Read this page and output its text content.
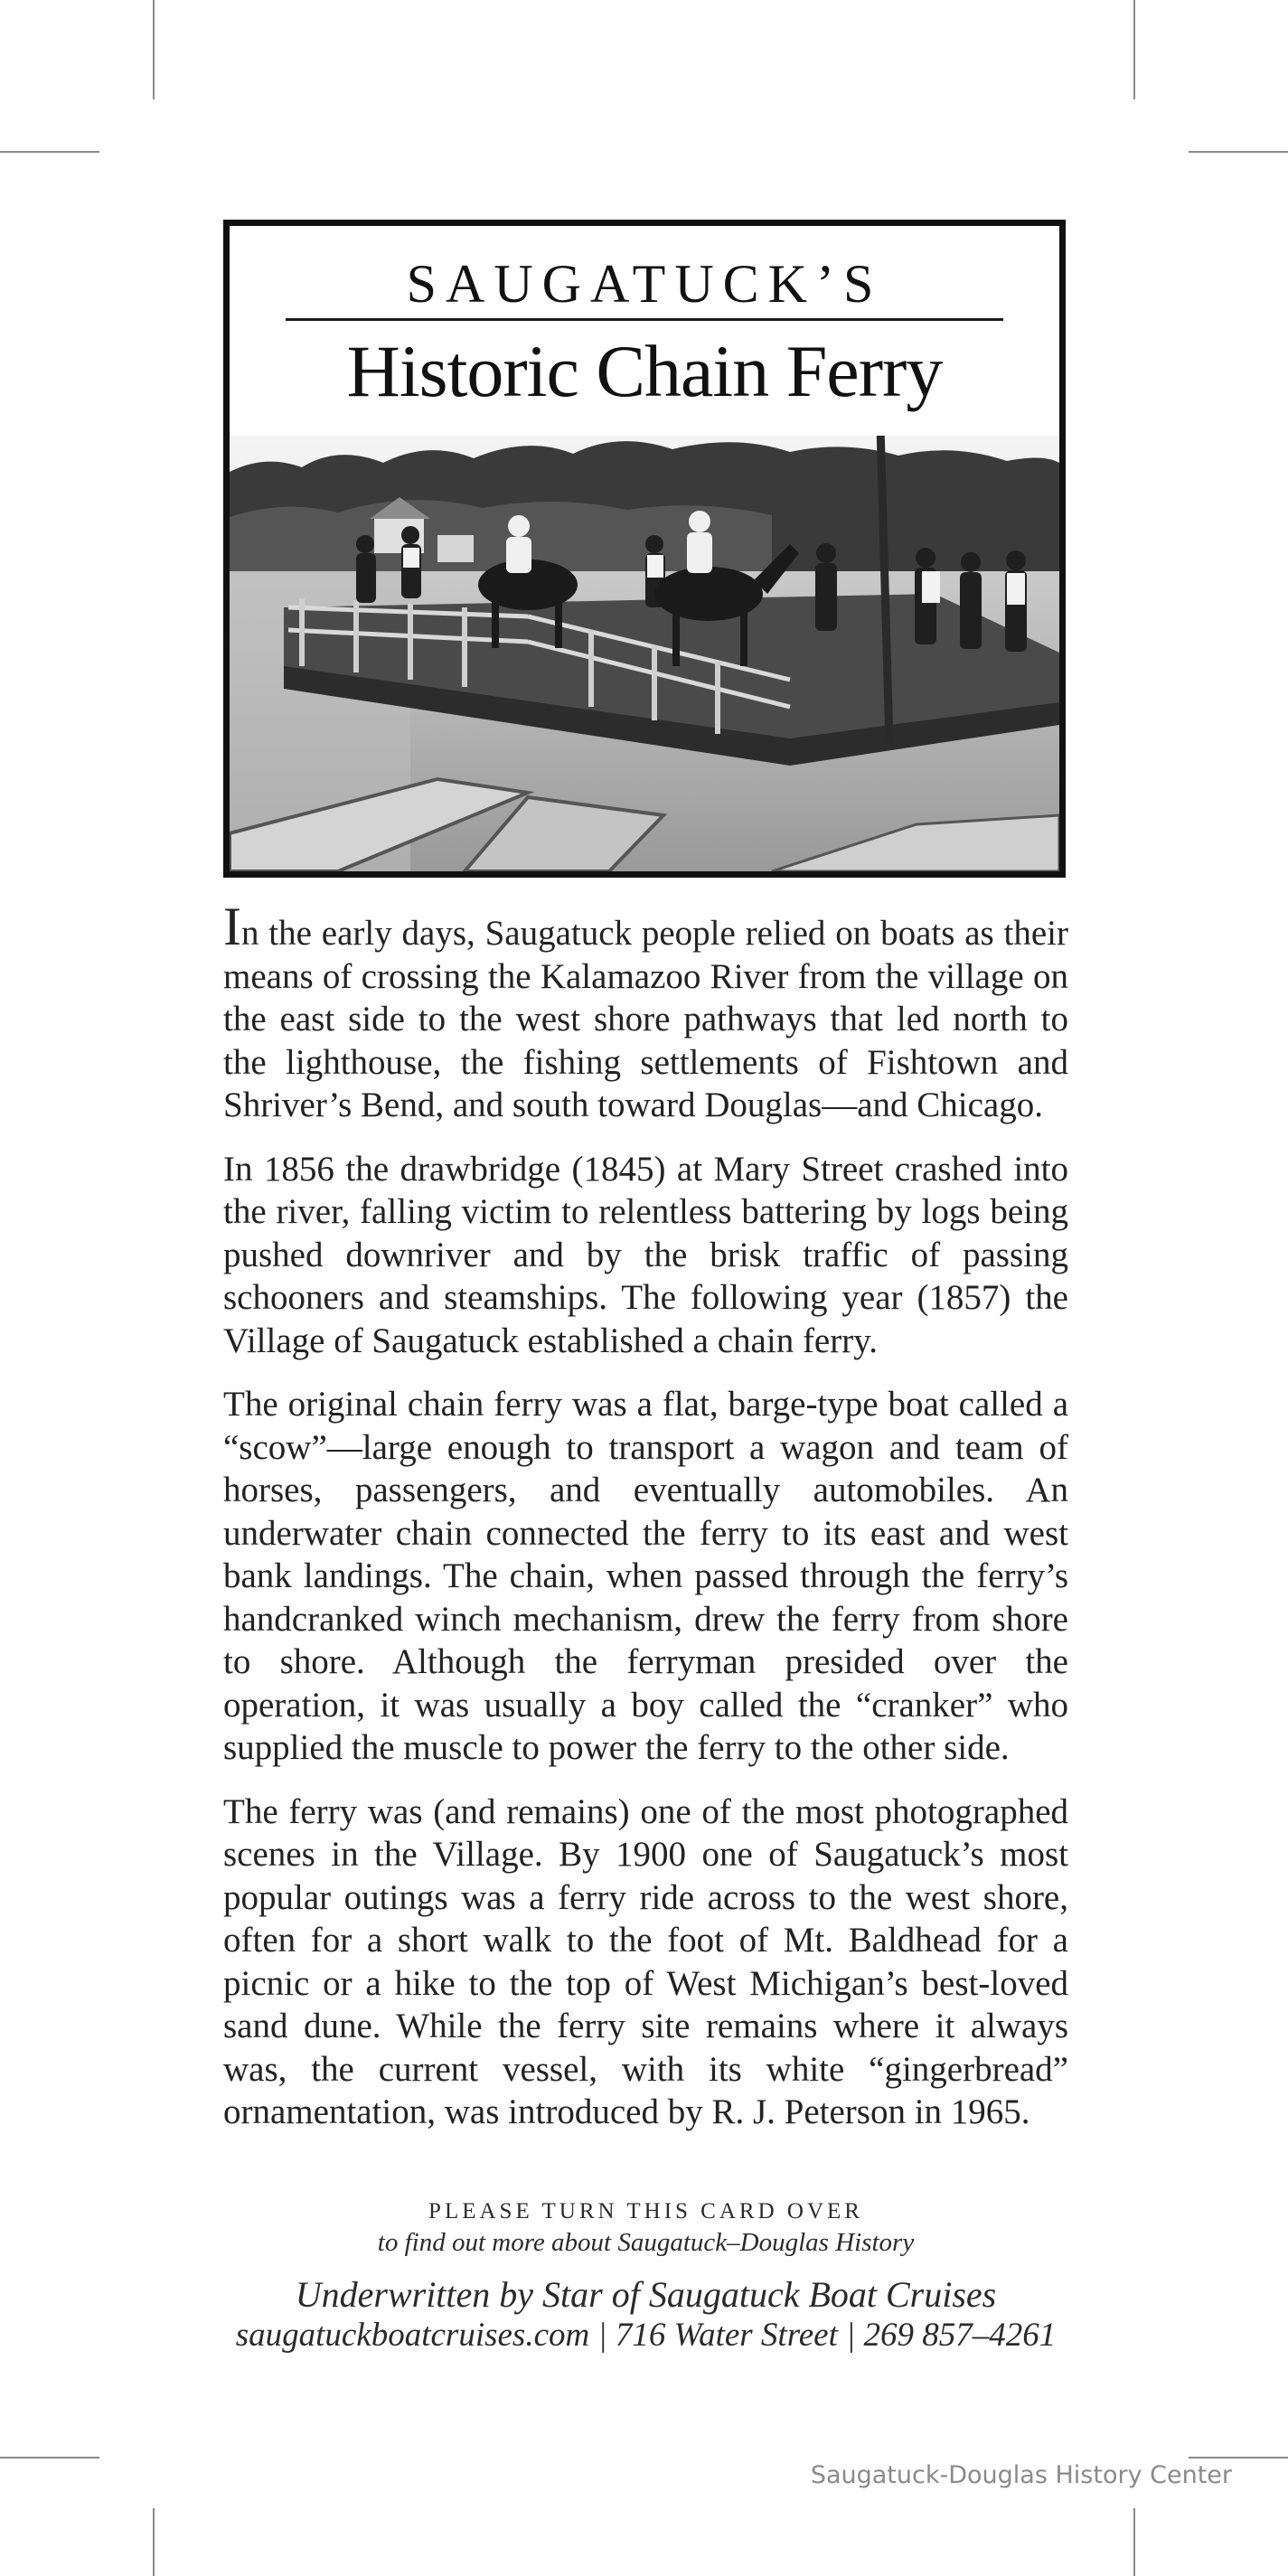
SAUGATUCK’S
Historic Chain Ferry

In the early days, Saugatuck people relied on boats as their means of crossing the Kalamazoo River from the village on the east side to the west shore pathways that led north to the lighthouse, the fishing settlements of Fishtown and Shriver’s Bend, and south toward Douglas—and Chicago.

In 1856 the drawbridge (1845) at Mary Street crashed into the river, falling victim to relentless battering by logs being pushed downriver and by the brisk traffic of passing schooners and steamships. The following year (1857) the Village of Saugatuck established a chain ferry.

The original chain ferry was a flat, barge-type boat called a “scow”—large enough to transport a wagon and team of horses, passengers, and eventually automobiles. An underwater chain connected the ferry to its east and west bank landings. The chain, when passed through the ferry’s handcranked winch mechanism, drew the ferry from shore to shore. Although the ferryman presided over the operation, it was usually a boy called the “cranker” who supplied the muscle to power the ferry to the other side.

The ferry was (and remains) one of the most photographed scenes in the Village. By 1900 one of Saugatuck’s most popular outings was a ferry ride across to the west shore, often for a short walk to the foot of Mt. Baldhead for a picnic or a hike to the top of West Michigan’s best-loved sand dune. While the ferry site remains where it always was, the current vessel, with its white “gingerbread” ornamentation, was introduced by R. J. Peterson in 1965.

PLEASE TURN THIS CARD OVER
to find out more about Saugatuck–Douglas History
Underwritten by Star of Saugatuck Boat Cruises
saugatuckboatcruises.com | 716 Water Street | 269 857–4261
Saugatuck-Douglas History Center
